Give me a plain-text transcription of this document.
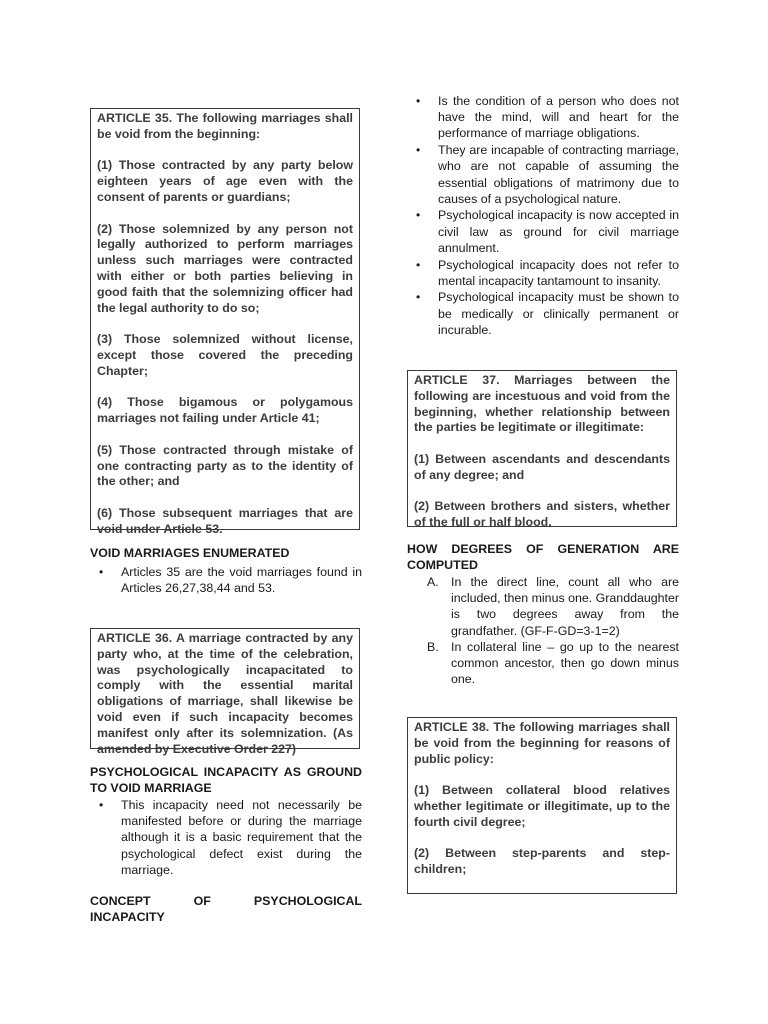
ARTICLE 35. The following marriages shall be void from the beginning:

(1) Those contracted by any party below eighteen years of age even with the consent of parents or guardians;

(2) Those solemnized by any person not legally authorized to perform marriages unless such marriages were contracted with either or both parties believing in good faith that the solemnizing officer had the legal authority to do so;

(3) Those solemnized without license, except those covered the preceding Chapter;

(4) Those bigamous or polygamous marriages not failing under Article 41;

(5) Those contracted through mistake of one contracting party as to the identity of the other; and

(6) Those subsequent marriages that are void under Article 53.

VOID MARRIAGES ENUMERATED
• Articles 35 are the void marriages found in Articles 26,27,38,44 and 53.

ARTICLE 36. A marriage contracted by any party who, at the time of the celebration, was psychologically incapacitated to comply with the essential marital obligations of marriage, shall likewise be void even if such incapacity becomes manifest only after its solemnization. (As amended by Executive Order 227)

PSYCHOLOGICAL INCAPACITY AS GROUND TO VOID MARRIAGE
• This incapacity need not necessarily be manifested before or during the marriage although it is a basic requirement that the psychological defect exist during the marriage.
CONCEPT OF PSYCHOLOGICAL
INCAPACITY
• Is the condition of a person who does not have the mind, will and heart for the performance of marriage obligations.
• They are incapable of contracting marriage, who are not capable of assuming the essential obligations of matrimony due to causes of a psychological nature.
• Psychological incapacity is now accepted in civil law as ground for civil marriage annulment.
• Psychological incapacity does not refer to mental incapacity tantamount to insanity.
• Psychological incapacity must be shown to be medically or clinically permanent or incurable.

ARTICLE 37. Marriages between the following are incestuous and void from the beginning, whether relationship between the parties be legitimate or illegitimate:

(1) Between ascendants and descendants of any degree; and

(2) Between brothers and sisters, whether of the full or half blood.

HOW DEGREES OF GENERATION ARE
COMPUTED
A. In the direct line, count all who are included, then minus one. Granddaughter is two degrees away from the grandfather. (GF-F-GD=3-1=2)
B. In collateral line – go up to the nearest common ancestor, then go down minus one.

ARTICLE 38. The following marriages shall be void from the beginning for reasons of public policy:

(1) Between collateral blood relatives whether legitimate or illegitimate, up to the fourth civil degree;

(2) Between step-parents and step-children;
